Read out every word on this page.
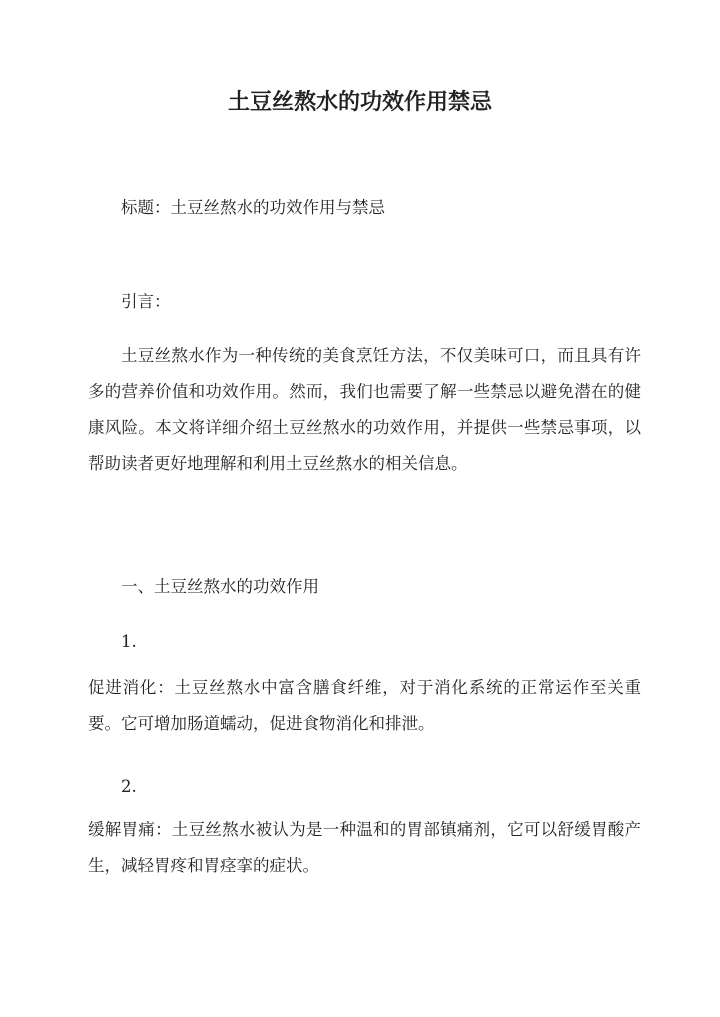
土豆丝熬水的功效作用禁忌
标题：土豆丝熬水的功效作用与禁忌
引言：
土豆丝熬水作为一种传统的美食烹饪方法，不仅美味可口，而且具有许多的营养价值和功效作用。然而，我们也需要了解一些禁忌以避免潜在的健康风险。本文将详细介绍土豆丝熬水的功效作用，并提供一些禁忌事项，以帮助读者更好地理解和利用土豆丝熬水的相关信息。
一、土豆丝熬水的功效作用
1.
促进消化：土豆丝熬水中富含膳食纤维，对于消化系统的正常运作至关重要。它可增加肠道蠕动，促进食物消化和排泄。
2.
缓解胃痛：土豆丝熬水被认为是一种温和的胃部镇痛剂，它可以舒缓胃酸产生，减轻胃疼和胃痉挛的症状。
